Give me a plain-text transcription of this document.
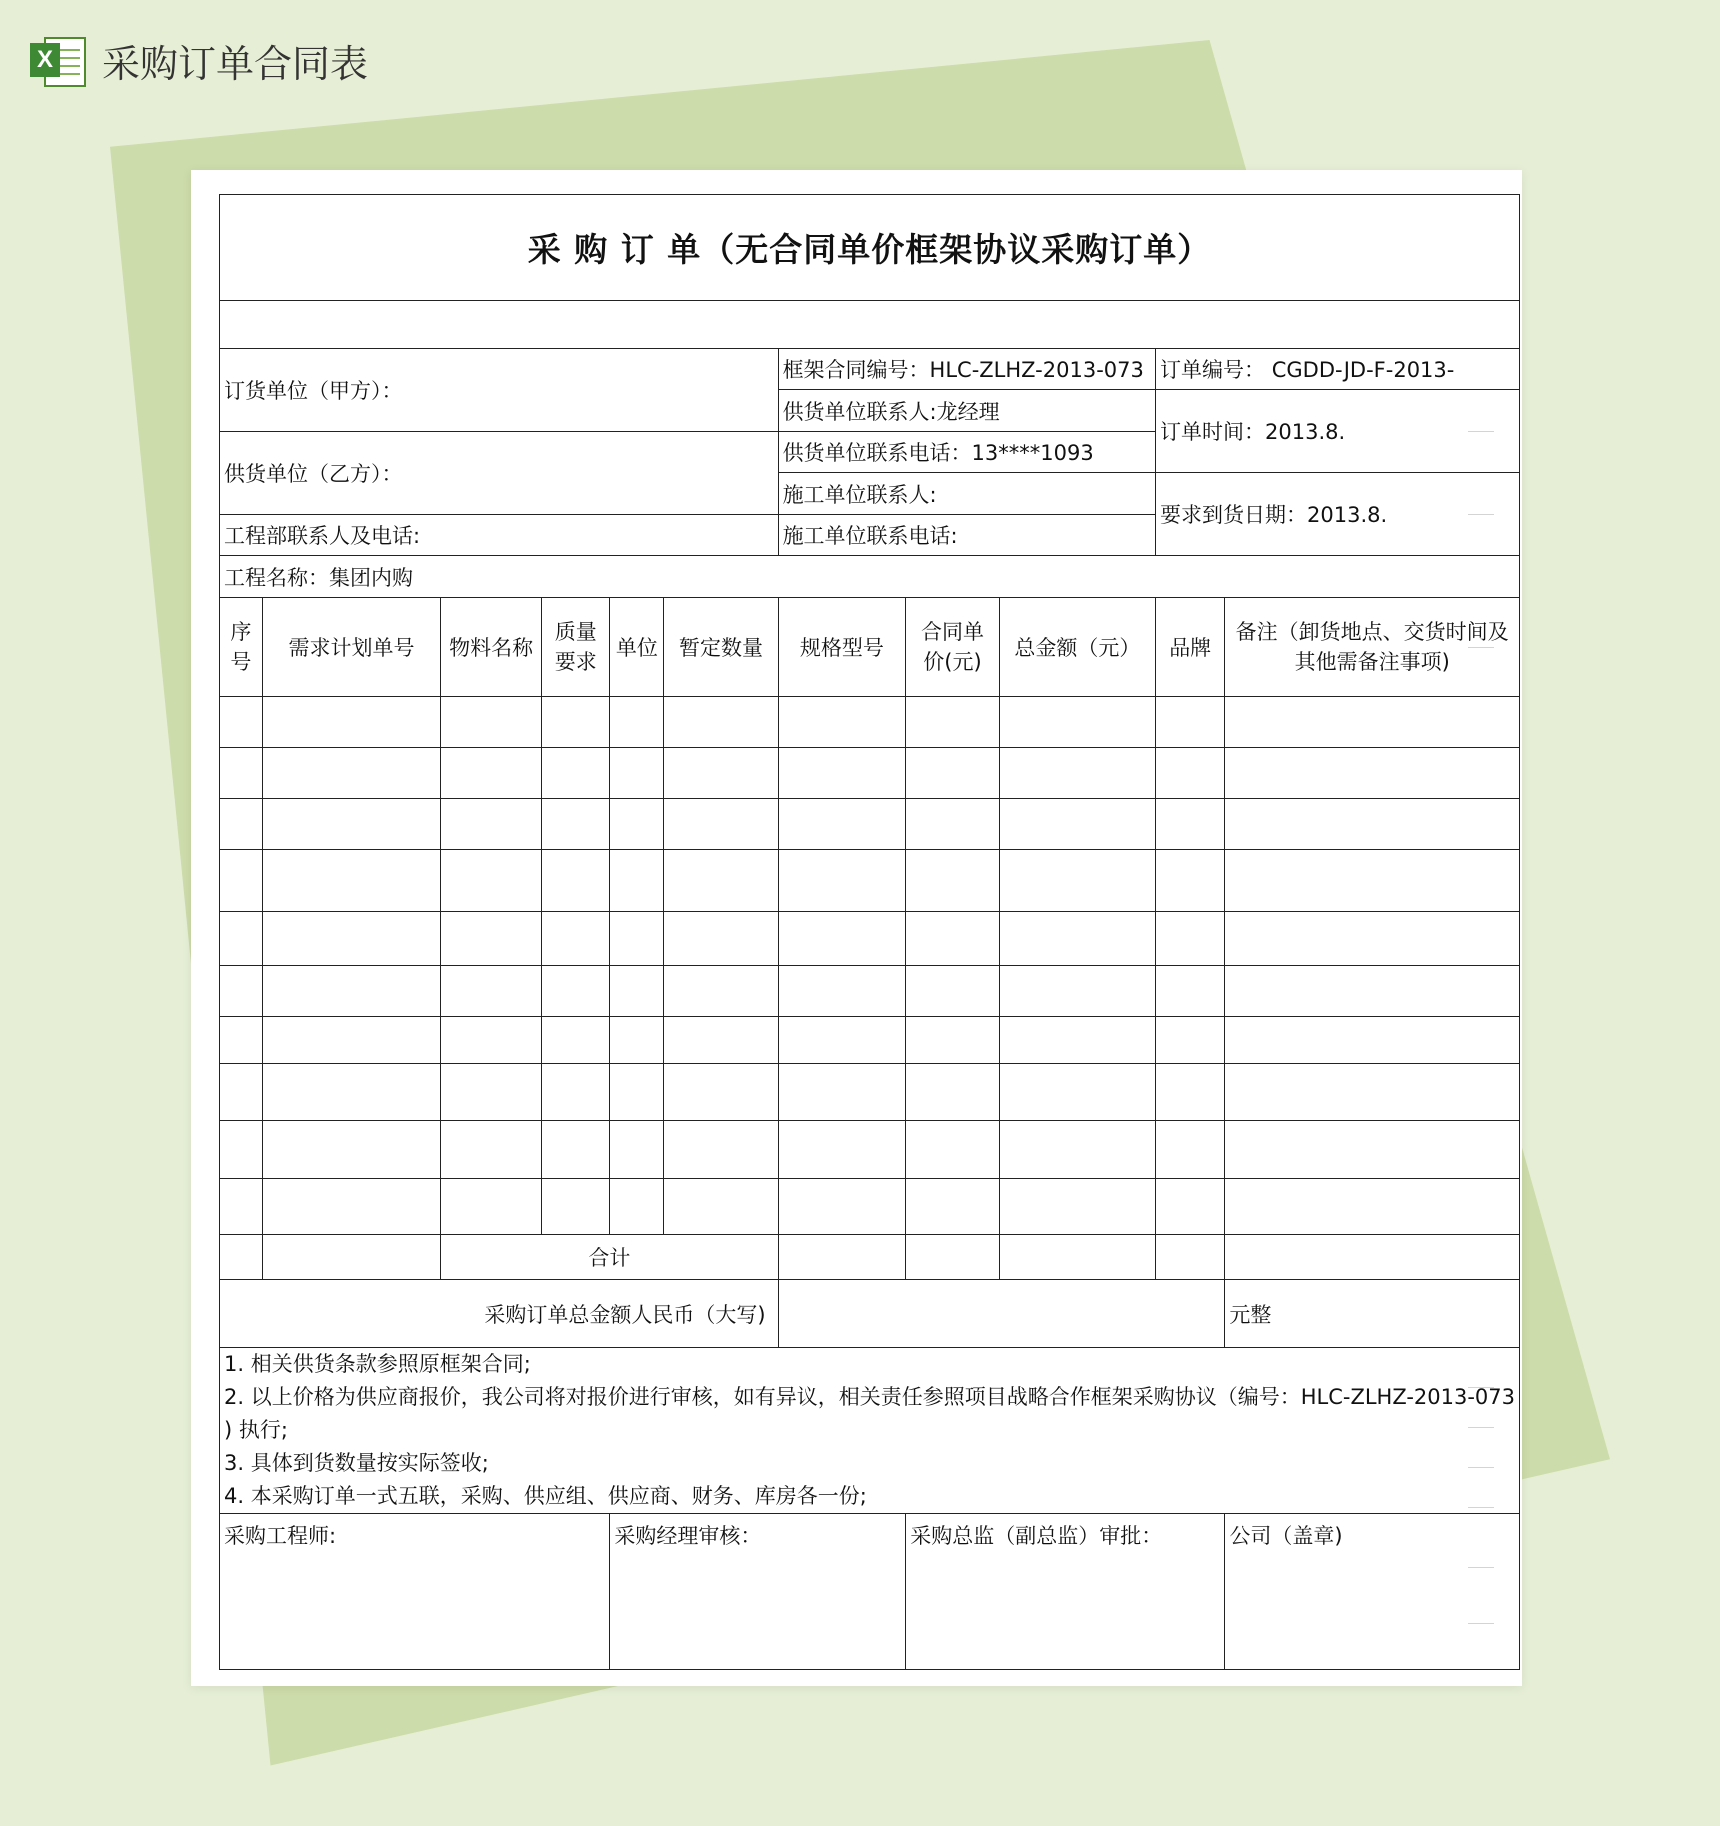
X 采购订单合同表
采 购 订 单（无合同单价框架协议采购订单）										

订货单位（甲方）：						框架合同编号：HLC-ZLHZ-2013-073			订单编号： CGDD-JD-F-2013-	
						供货单位联系人:龙经理			订单时间：2013.8.	
供货单位（乙方）：						供货单位联系电话：13****1093				
						施工单位联系人:			要求到货日期：2013.8.	
工程部联系人及电话:						施工单位联系电话:				
工程名称：集团内购										
序号	需求计划单号	物料名称	质量要求	单位	暂定数量	规格型号	合同单价(元)	总金额（元）	品牌	备注（卸货地点、交货时间及其他需备注事项)

		合计								
采购订单总金额人民币（大写)										元整

1. 相关供货条款参照原框架合同;
2. 以上价格为供应商报价，我公司将对报价进行审核，如有异议，相关责任参照项目战略合作框架采购协议（编号：HLC-ZLHZ-2013-073
) 执行;
3. 具体到货数量按实际签收;
4. 本采购订单一式五联，采购、供应组、供应商、财务、库房各一份;										

采购工程师:				采购经理审核：			采购总监（副总监）审批：			公司（盖章)
